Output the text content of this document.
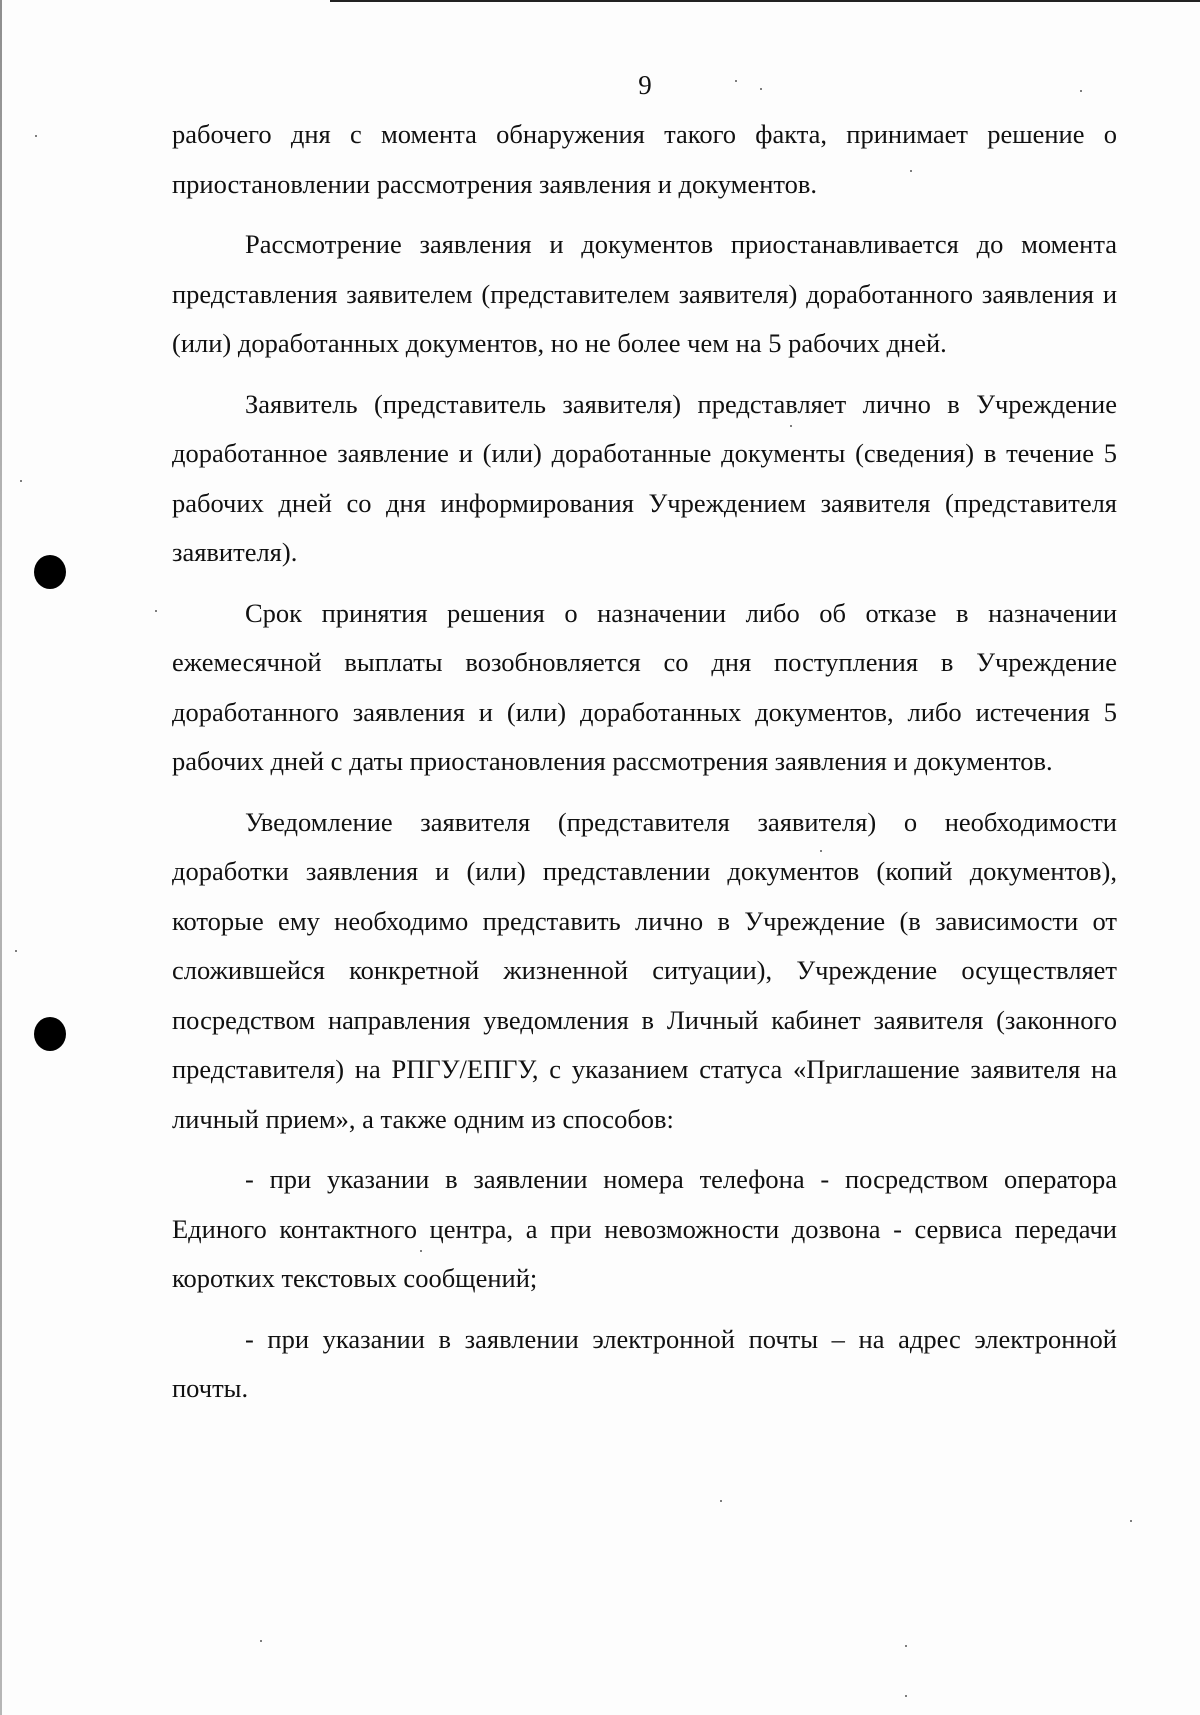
9

рабочего дня с момента обнаружения такого факта, принимает решение о приостановлении рассмотрения заявления и документов.

Рассмотрение заявления и документов приостанавливается до момента представления заявителем (представителем заявителя) доработанного заявления и (или) доработанных документов, но не более чем на 5 рабочих дней.

Заявитель (представитель заявителя) представляет лично в Учреждение доработанное заявление и (или) доработанные документы (сведения) в течение 5 рабочих дней со дня информирования Учреждением заявителя (представителя заявителя).

Срок принятия решения о назначении либо об отказе в назначении ежемесячной выплаты возобновляется со дня поступления в Учреждение доработанного заявления и (или) доработанных документов, либо истечения 5 рабочих дней с даты приостановления рассмотрения заявления и документов.

Уведомление заявителя (представителя заявителя) о необходимости доработки заявления и (или) представлении документов (копий документов), которые ему необходимо представить лично в Учреждение (в зависимости от сложившейся конкретной жизненной ситуации), Учреждение осуществляет посредством направления уведомления в Личный кабинет заявителя (законного представителя) на РПГУ/ЕПГУ, с указанием статуса «Приглашение заявителя на личный прием», а также одним из способов:

- при указании в заявлении номера телефона - посредством оператора Единого контактного центра, а при невозможности дозвона - сервиса передачи коротких текстовых сообщений;

- при указании в заявлении электронной почты – на адрес электронной почты.
